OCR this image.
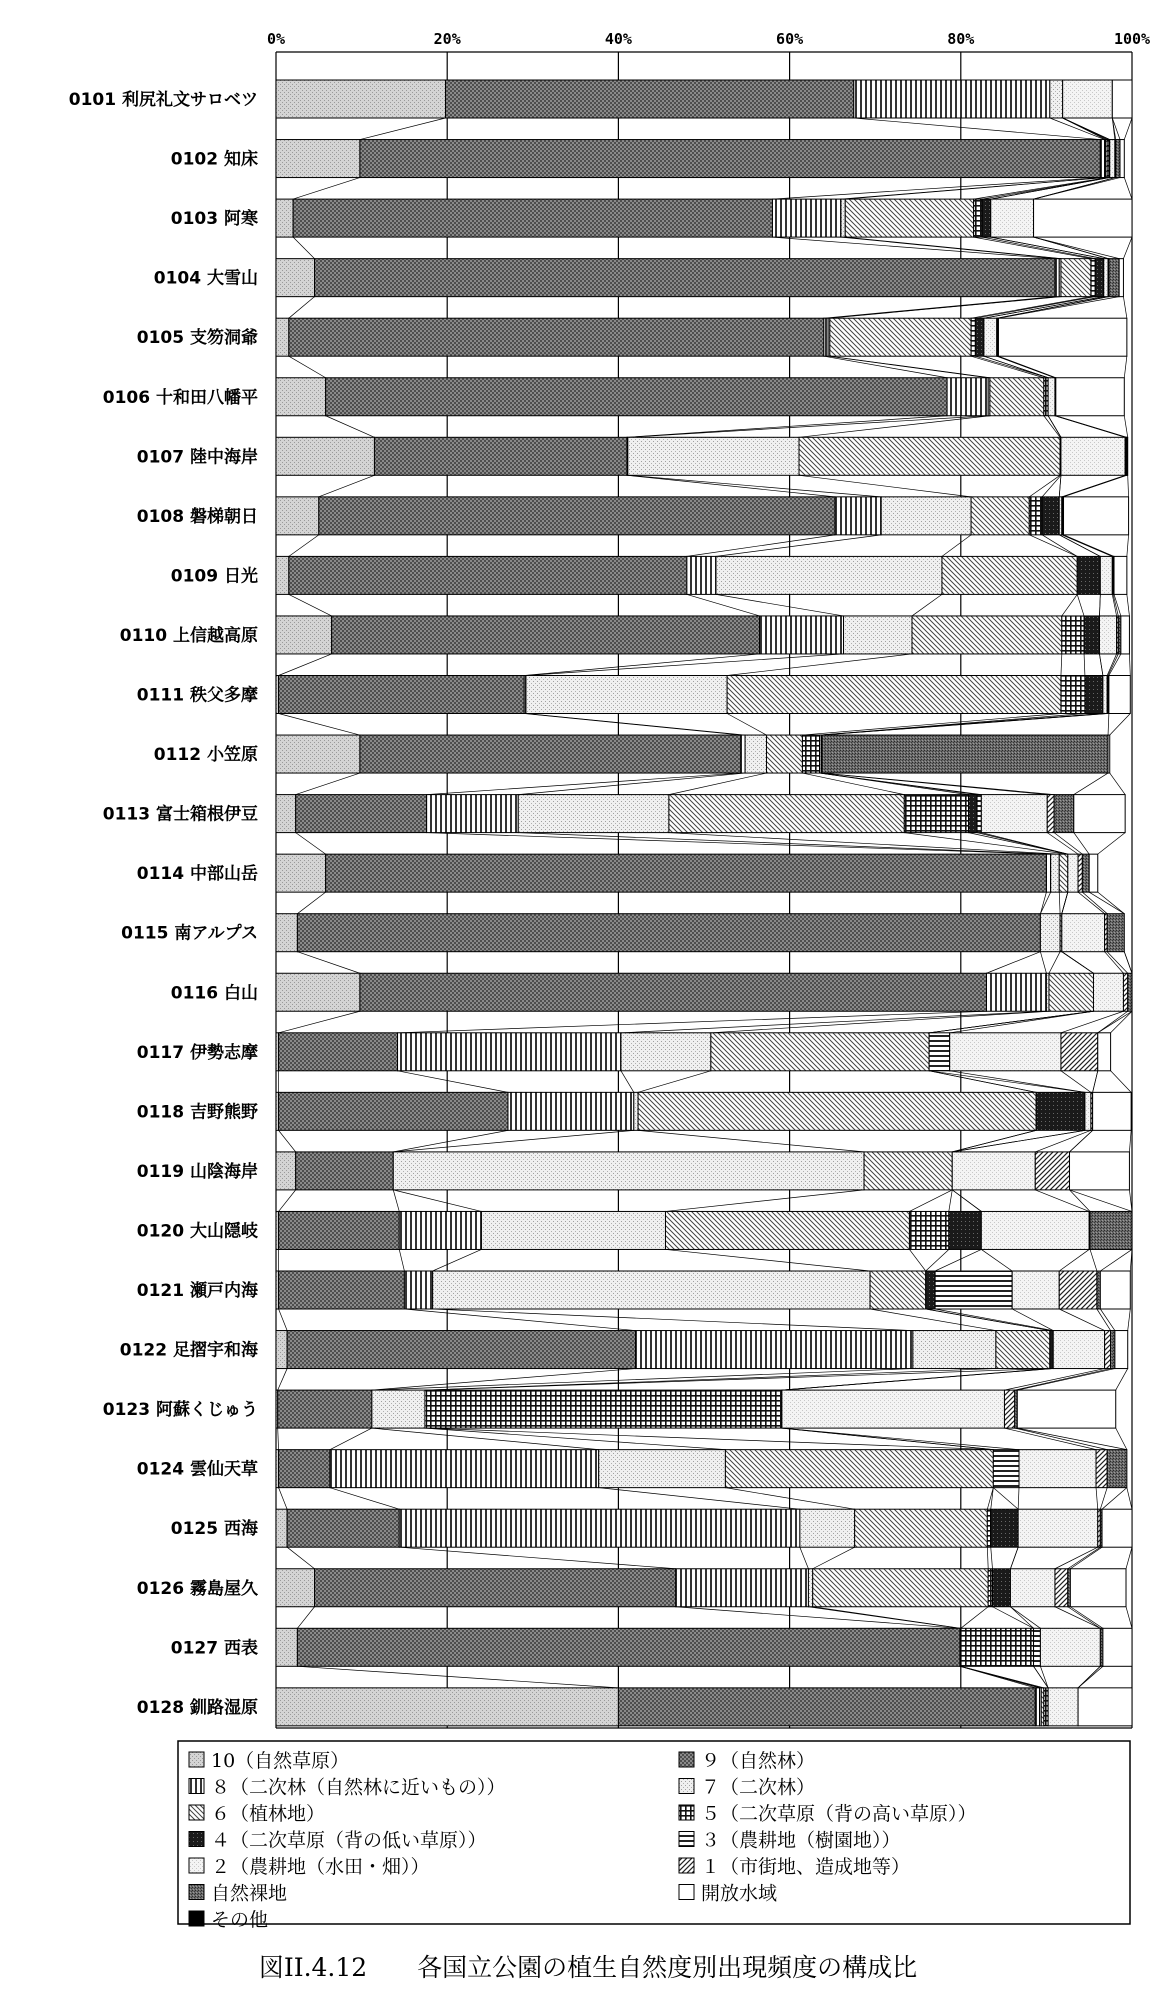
0%	20%	40%	60%	80%	100%
0101 利尻礼文サロベツ
0102 知床
0103 阿寒
0104 大雪山
0105 支笏洞爺
0106 十和田八幡平
0107 陸中海岸
0108 磐梯朝日
0109 日光
0110 上信越高原
0111 秩父多摩
0112 小笠原
0113 富士箱根伊豆
0114 中部山岳
0115 南アルプス
0116 白山
0117 伊勢志摩
0118 吉野熊野
0119 山陰海岸
0120 大山隠岐
0121 瀬戸内海
0122 足摺宇和海
0123 阿蘇くじゅう
0124 雲仙天草
0125 西海
0126 霧島屋久
0127 西表
0128 釧路湿原
10（自然草原）	９（自然林）
８（二次林（自然林に近いもの））	７（二次林）
６（植林地）	５（二次草原（背の高い草原））
４（二次草原（背の低い草原））	３（農耕地（樹園地））
２（農耕地（水田・畑））	１（市街地、造成地等）
自然裸地	開放水域
その他
図II.4.12　　各国立公園の植生自然度別出現頻度の構成比
